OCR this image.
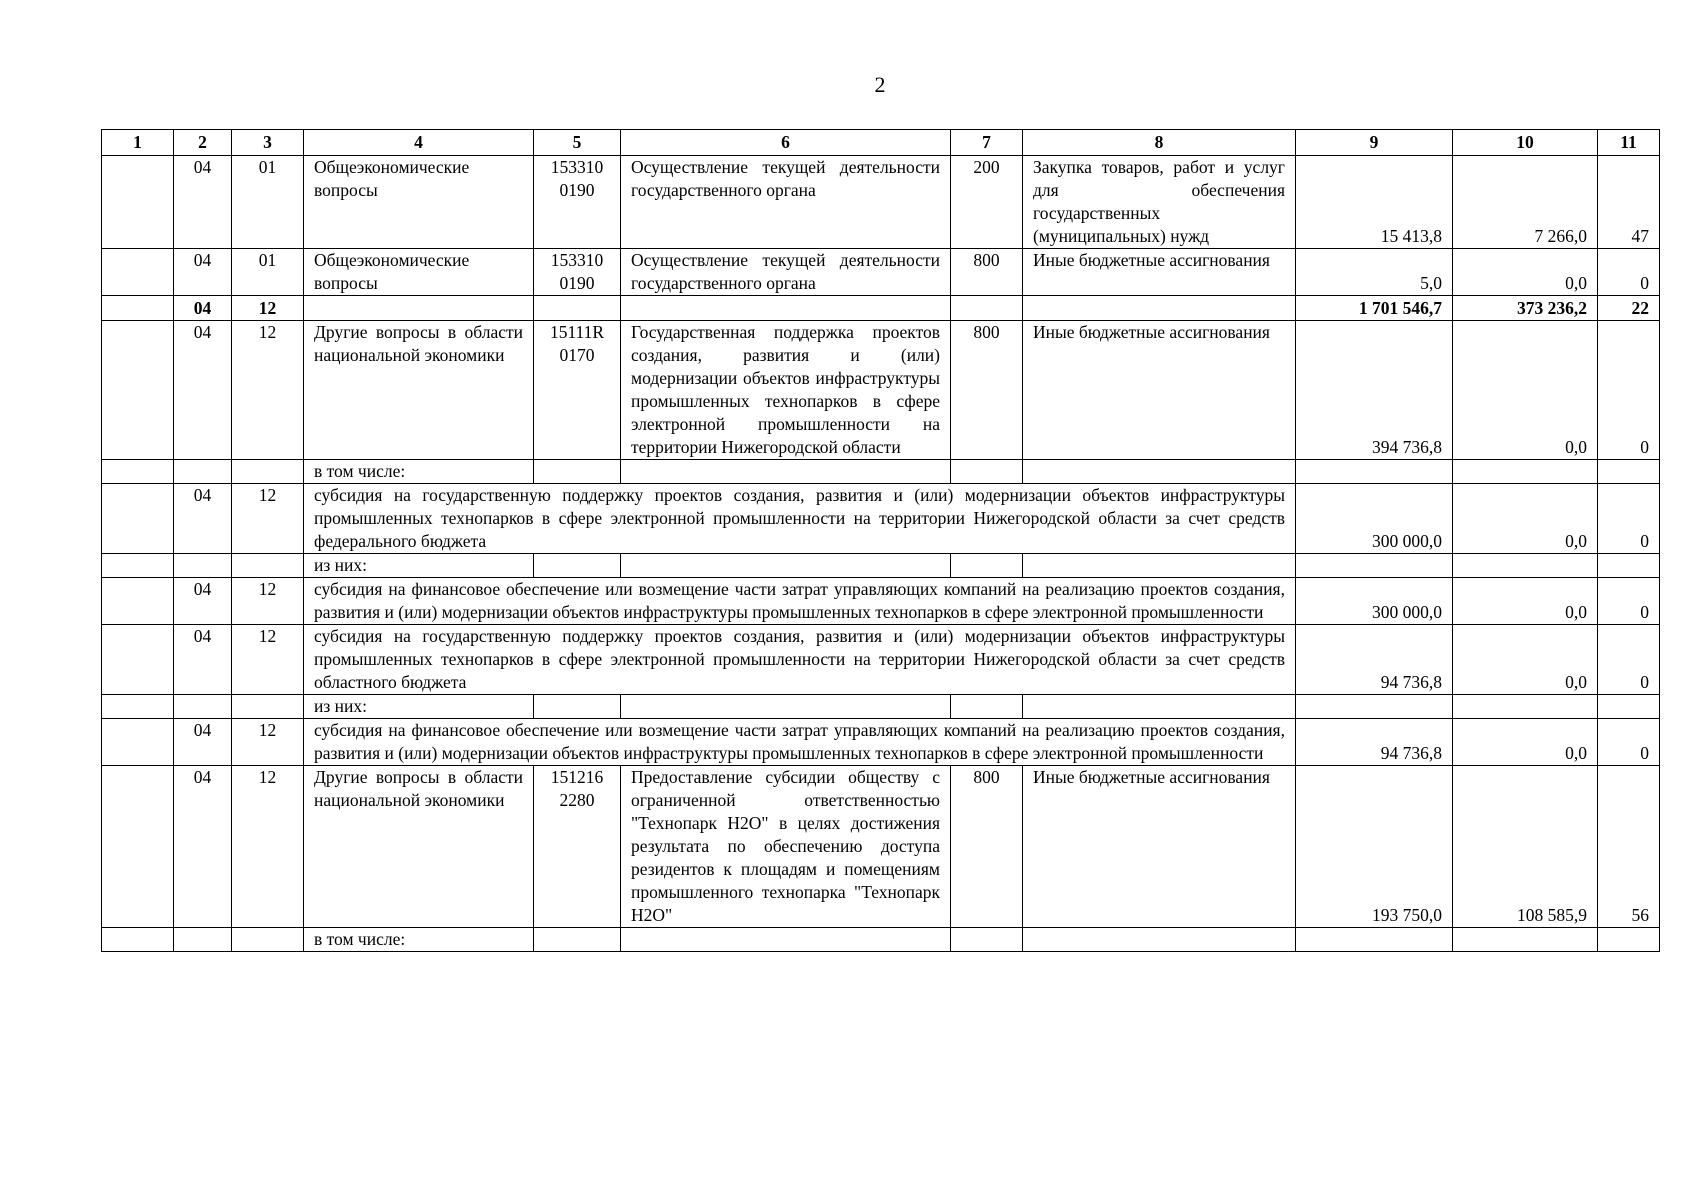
2
1	2	3	4	5	6	7	8	9	10	11
	04	01	Общеэкономические вопросы	153310 0190	Осуществление текущей деятельности государственного органа	200	Закупка товаров, работ и услуг для обеспечения государственных (муниципальных) нужд	15 413,8	7 266,0	47
	04	01	Общеэкономические вопросы	153310 0190	Осуществление текущей деятельности государственного органа	800	Иные бюджетные ассигнования	5,0	0,0	0
	04	12						1 701 546,7	373 236,2	22
	04	12	Другие вопросы в области национальной экономики	15111R 0170	Государственная поддержка проектов создания, развития и (или) модернизации объектов инфраструктуры промышленных технопарков в сфере электронной промышленности на территории Нижегородской области	800	Иные бюджетные ассигнования	394 736,8	0,0	0
			в том числе:							
	04	12	субсидия на государственную поддержку проектов создания, развития и (или) модернизации объектов инфраструктуры промышленных технопарков в сфере электронной промышленности на территории Нижегородской области за счет средств федерального бюджета					300 000,0	0,0	0
			из них:							
	04	12	субсидия на финансовое обеспечение или возмещение части затрат управляющих компаний на реализацию проектов создания, развития и (или) модернизации объектов инфраструктуры промышленных технопарков в сфере электронной промышленности					300 000,0	0,0	0
	04	12	субсидия на государственную поддержку проектов создания, развития и (или) модернизации объектов инфраструктуры промышленных технопарков в сфере электронной промышленности на территории Нижегородской области за счет средств областного бюджета					94 736,8	0,0	0
			из них:							
	04	12	субсидия на финансовое обеспечение или возмещение части затрат управляющих компаний на реализацию проектов создания, развития и (или) модернизации объектов инфраструктуры промышленных технопарков в сфере электронной промышленности					94 736,8	0,0	0
	04	12	Другие вопросы в области национальной экономики	151216 2280	Предоставление субсидии обществу с ограниченной ответственностью "Технопарк Н2О" в целях достижения результата по обеспечению доступа резидентов к площадям и помещениям промышленного технопарка "Технопарк Н2О"	800	Иные бюджетные ассигнования	193 750,0	108 585,9	56
			в том числе:							
